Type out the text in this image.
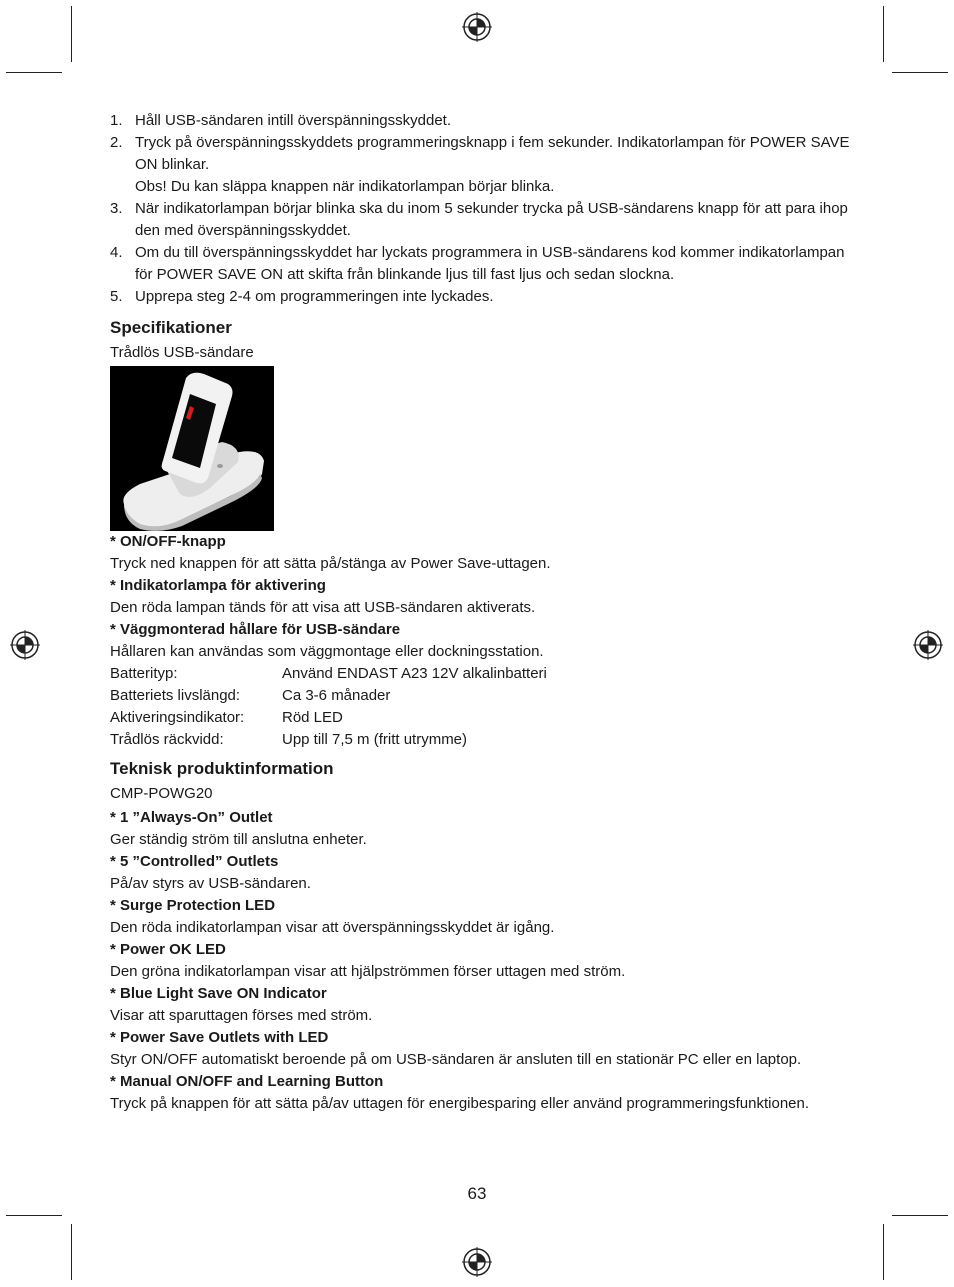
1. Håll USB-sändaren intill överspänningsskyddet.
2. Tryck på överspänningsskyddets programmeringsknapp i fem sekunder. Indikatorlampan för POWER SAVE ON blinkar.
Obs! Du kan släppa knappen när indikatorlampan börjar blinka.
3. När indikatorlampan börjar blinka ska du inom 5 sekunder trycka på USB-sändarens knapp för att para ihop den med överspänningsskyddet.
4. Om du till överspänningsskyddet har lyckats programmera in USB-sändarens kod kommer indikatorlampan för POWER SAVE ON att skifta från blinkande ljus till fast ljus och sedan slockna.
5. Upprepa steg 2-4 om programmeringen inte lyckades.
Specifikationer
Trådlös USB-sändare
* ON/OFF-knapp
Tryck ned knappen för att sätta på/stänga av Power Save-uttagen.
* Indikatorlampa för aktivering
Den röda lampan tänds för att visa att USB-sändaren aktiverats.
* Väggmonterad hållare för USB-sändare
Hållaren kan användas som väggmontage eller dockningsstation.
Batterityp:	Använd ENDAST A23 12V alkalinbatteri
Batteriets livslängd:	Ca 3-6 månader
Aktiveringsindikator:	Röd LED
Trådlös räckvidd:	Upp till 7,5 m (fritt utrymme)
Teknisk produktinformation
CMP-POWG20
* 1 ”Always-On” Outlet
Ger ständig ström till anslutna enheter.
* 5 ”Controlled” Outlets
På/av styrs av USB-sändaren.
* Surge Protection LED
Den röda indikatorlampan visar att överspänningsskyddet är igång.
* Power OK LED
Den gröna indikatorlampan visar att hjälpströmmen förser uttagen med ström.
* Blue Light Save ON Indicator
Visar att sparuttagen förses med ström.
* Power Save Outlets with LED
Styr ON/OFF automatiskt beroende på om USB-sändaren är ansluten till en stationär PC eller en laptop.
* Manual ON/OFF and Learning Button
Tryck på knappen för att sätta på/av uttagen för energibesparing eller använd programmeringsfunktionen.
63
